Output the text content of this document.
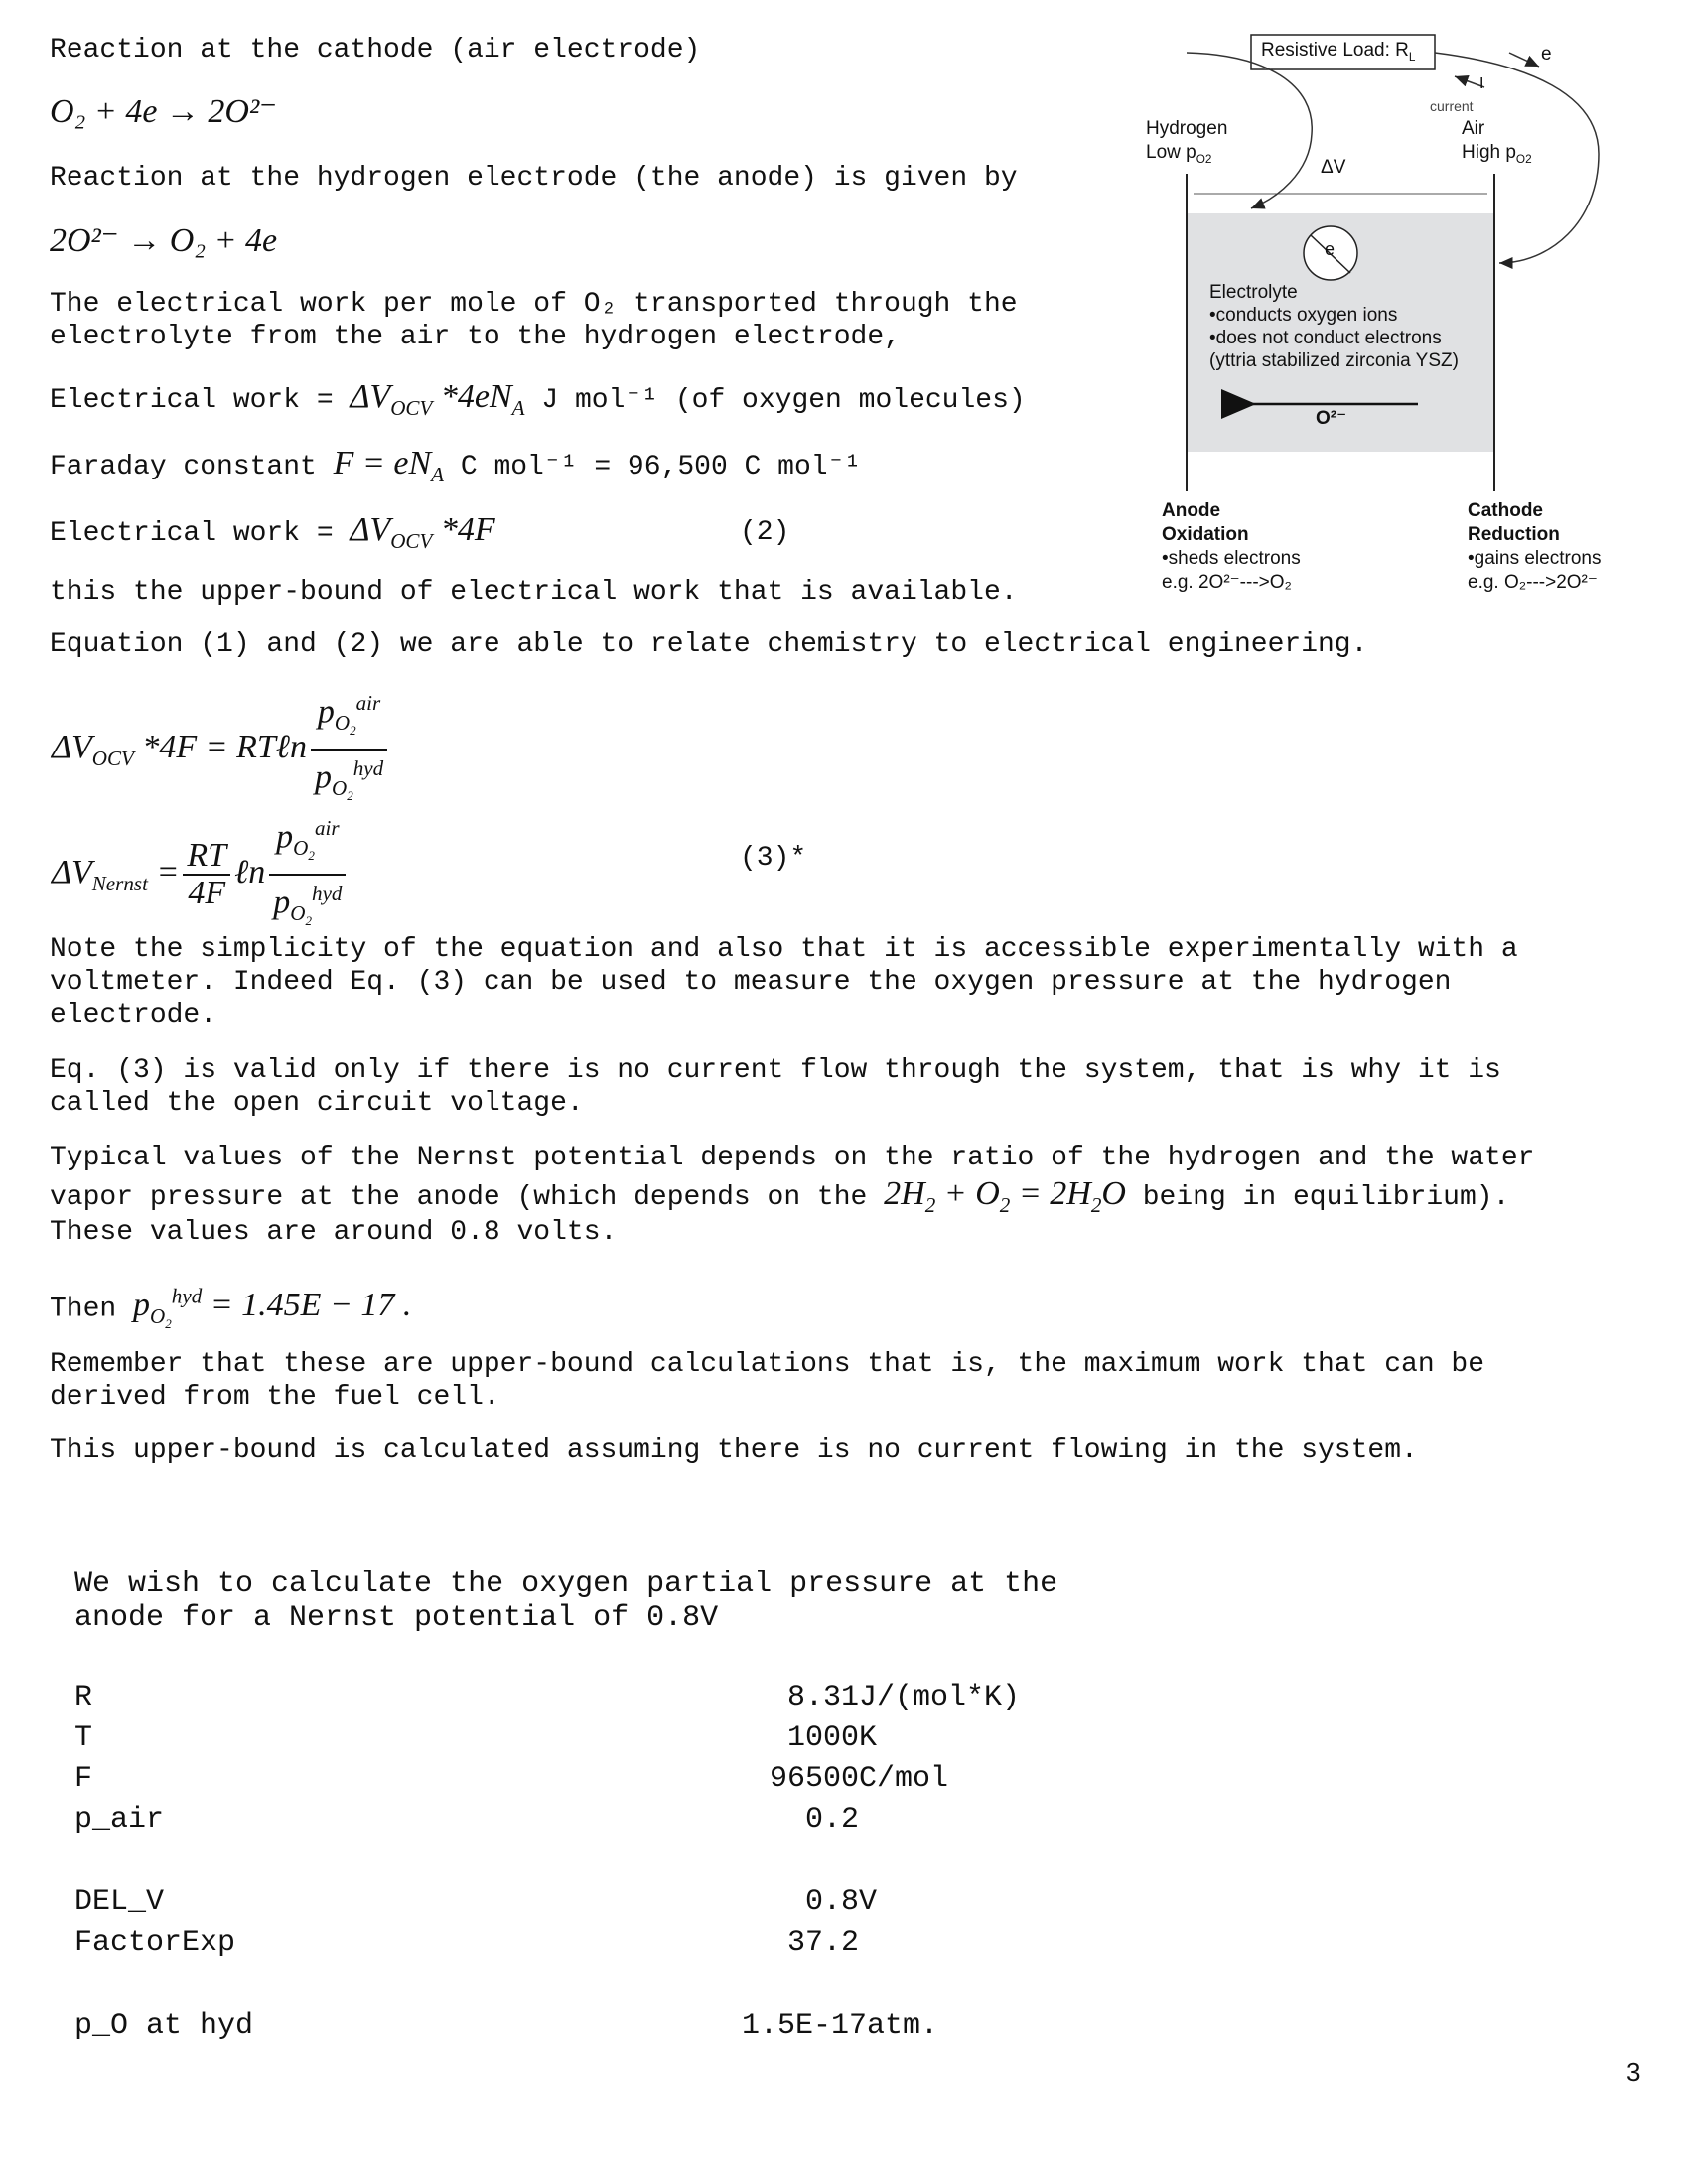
Resistive Load: $R_L$	e
I
current
Hydrogen
Low $p_{O2}$	ΔV
Air
High $p_{O2}$
e
Electrolyte
•conducts oxygen ions
•does not conduct electrons
(yttria stabilized zirconia YSZ)
O²⁻
Anode
Oxidation
•sheds electrons
e.g. 2O²⁻--->O₂
Cathode
Reduction
•gains electrons
e.g. O₂--->2O²⁻
Reaction at the cathode (air electrode)
O₂ + 4e → 2O²⁻
Reaction at the hydrogen electrode (the anode) is given by
2O²⁻ → O₂ + 4e
The electrical work per mole of O₂ transported through the
electrolyte from the air to the hydrogen electrode,
Electrical work = $\Delta V_{OCV}$ $*4eN_A$ J mol⁻¹ (of oxygen molecules)
Faraday constant $F = eN_A$ C mol⁻¹ = 96,500 C mol⁻¹
Electrical work = $\Delta V_{OCV}$ *4F	(2)
this the upper-bound of electrical work that is available.
Equation (1) and (2) we are able to relate chemistry to electrical engineering.
$\Delta V_{OCV}$ *4F = RTℓn $\frac{p_{O_2}^{air}}{p_{O_2}^{hyd}}$
$\Delta V_{Nernst} = \frac{RT}{4F}$ ℓn $\frac{p_{O_2}^{air}}{p_{O_2}^{hyd}}$	(3)*
Note the simplicity of the equation and also that it is accessible experimentally with a
voltmeter. Indeed Eq. (3) can be used to measure the oxygen pressure at the hydrogen
electrode.
Eq. (3) is valid only if there is no current flow through the system, that is why it is
called the open circuit voltage.
Typical values of the Nernst potential depends on the ratio of the hydrogen and the water
vapor pressure at the anode (which depends on the $2H_2 + O_2 = 2H_2O$ being in equilibrium).
These values are around 0.8 volts.
Then $p_{O_2}^{hyd} = 1.45E - 17$ .
Remember that these are upper-bound calculations that is, the maximum work that can be
derived from the fuel cell.
This upper-bound is calculated assuming there is no current flowing in the system.
We wish to calculate the oxygen partial pressure at the
anode for a Nernst potential of 0.8V
R	8.31J/(mol*K)
T	1000K
F	96500C/mol
p_air	0.2
DEL_V	0.8V
FactorExp	37.2
p_O at hyd	1.5E-17atm.
3
